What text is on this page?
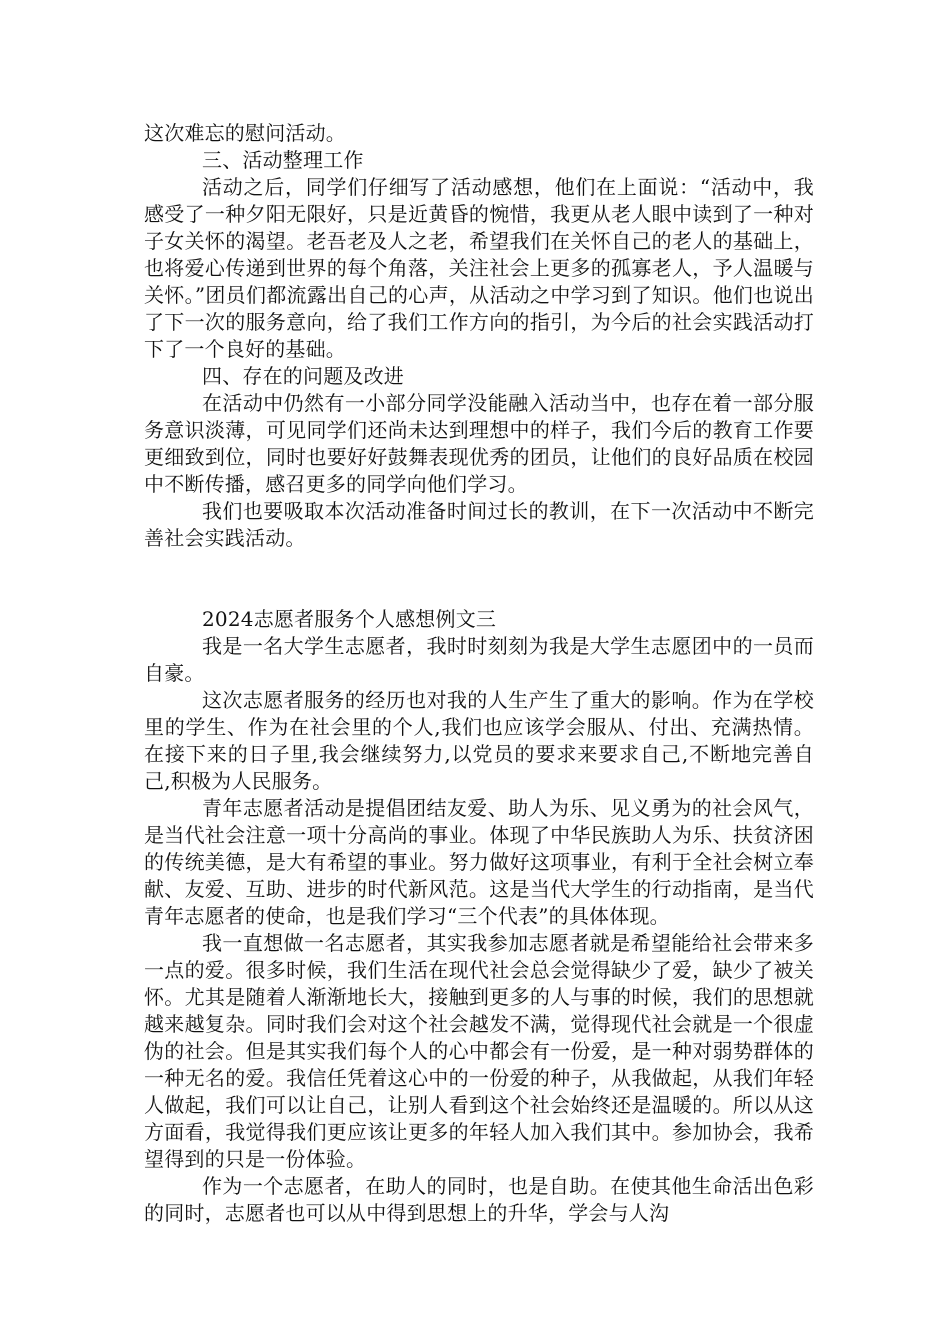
这次难忘的慰问活动。

三、活动整理工作

活动之后，同学们仔细写了活动感想，他们在上面说：“活动中，我感受了一种夕阳无限好，只是近黄昏的惋惜，我更从老人眼中读到了一种对子女关怀的渴望。老吾老及人之老，希望我们在关怀自己的老人的基础上，也将爱心传递到世界的每个角落，关注社会上更多的孤寡老人，予人温暖与关怀。”团员们都流露出自己的心声，从活动之中学习到了知识。他们也说出了下一次的服务意向，给了我们工作方向的指引，为今后的社会实践活动打下了一个良好的基础。

四、存在的问题及改进

在活动中仍然有一小部分同学没能融入活动当中，也存在着一部分服务意识淡薄，可见同学们还尚未达到理想中的样子，我们今后的教育工作要更细致到位，同时也要好好鼓舞表现优秀的团员，让他们的良好品质在校园中不断传播，感召更多的同学向他们学习。

我们也要吸取本次活动准备时间过长的教训，在下一次活动中不断完善社会实践活动。

2024志愿者服务个人感想例文三

我是一名大学生志愿者，我时时刻刻为我是大学生志愿团中的一员而自豪。

这次志愿者服务的经历也对我的人生产生了重大的影响。作为在学校里的学生、作为在社会里的个人,我们也应该学会服从、付出、充满热情。在接下来的日子里,我会继续努力,以党员的要求来要求自己,不断地完善自己,积极为人民服务。

青年志愿者活动是提倡团结友爱、助人为乐、见义勇为的社会风气，是当代社会注意一项十分高尚的事业。体现了中华民族助人为乐、扶贫济困的传统美德，是大有希望的事业。努力做好这项事业，有利于全社会树立奉献、友爱、互助、进步的时代新风范。这是当代大学生的行动指南，是当代青年志愿者的使命，也是我们学习“三个代表”的具体体现。

我一直想做一名志愿者，其实我参加志愿者就是希望能给社会带来多一点的爱。很多时候，我们生活在现代社会总会觉得缺少了爱，缺少了被关怀。尤其是随着人渐渐地长大，接触到更多的人与事的时候，我们的思想就越来越复杂。同时我们会对这个社会越发不满，觉得现代社会就是一个很虚伪的社会。但是其实我们每个人的心中都会有一份爱，是一种对弱势群体的一种无名的爱。我信任凭着这心中的一份爱的种子，从我做起，从我们年轻人做起，我们可以让自己，让别人看到这个社会始终还是温暖的。所以从这方面看，我觉得我们更应该让更多的年轻人加入我们其中。参加协会，我希望得到的只是一份体验。

作为一个志愿者，在助人的同时，也是自助。在使其他生命活出色彩的同时，志愿者也可以从中得到思想上的升华，学会与人沟
